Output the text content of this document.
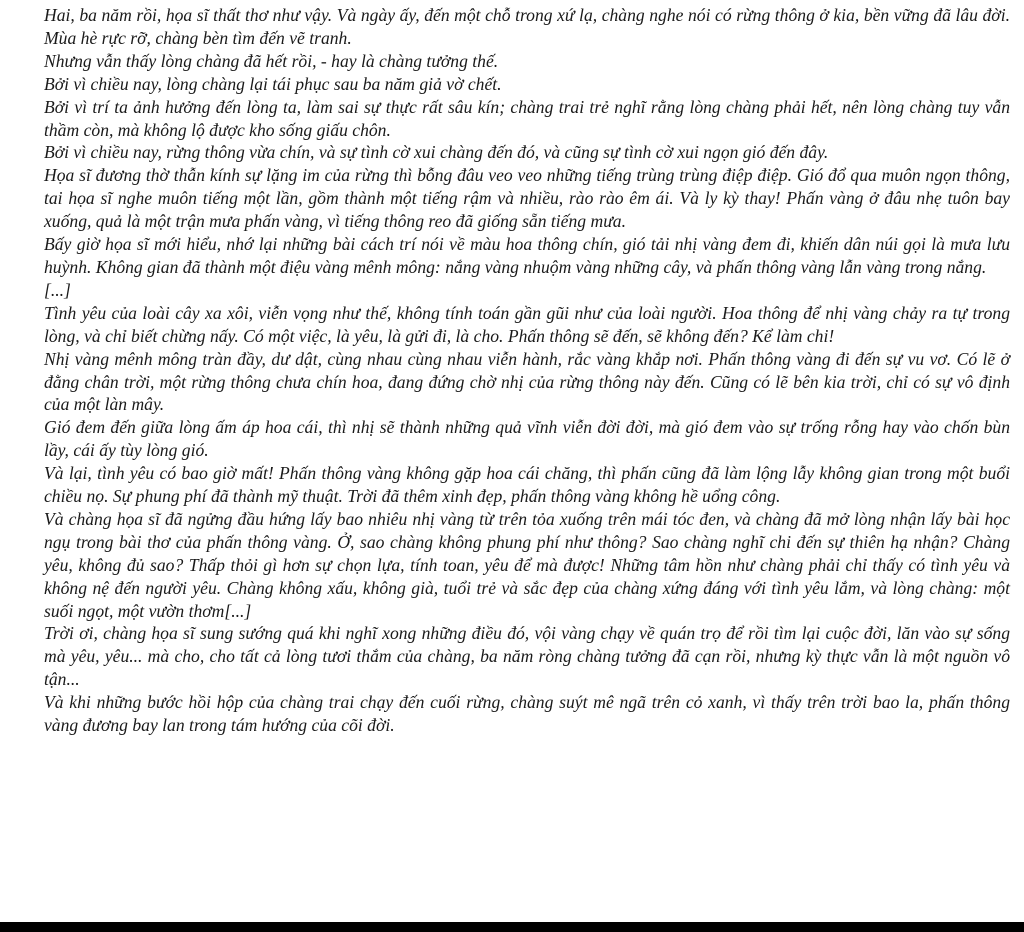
Hai, ba năm rồi, họa sĩ thất thơ như vậy. Và ngày ấy, đến một chỗ trong xứ lạ, chàng nghe nói có rừng thông ở kia, bền vững đã lâu đời. Mùa hè rực rỡ, chàng bèn tìm đến vẽ tranh.

Nhưng vẫn thấy lòng chàng đã hết rồi, - hay là chàng tưởng thế.

Bởi vì chiều nay, lòng chàng lại tái phục sau ba năm giả vờ chết.

Bởi vì trí ta ảnh hưởng đến lòng ta, làm sai sự thực rất sâu kín; chàng trai trẻ nghĩ rằng lòng chàng phải hết, nên lòng chàng tuy vẫn thầm còn, mà không lộ được kho sống giấu chôn.

Bởi vì chiều nay, rừng thông vừa chín, và sự tình cờ xui chàng đến đó, và cũng sự tình cờ xui ngọn gió đến đây.

Họa sĩ đương thờ thẫn kính sự lặng im của rừng thì bỗng đâu veo veo những tiếng trùng trùng điệp điệp. Gió đổ qua muôn ngọn thông, tai họa sĩ nghe muôn tiếng một lần, gồm thành một tiếng rậm và nhiều, rào rào êm ái. Và ly kỳ thay! Phấn vàng ở đâu nhẹ tuôn bay xuống, quả là một trận mưa phấn vàng, vì tiếng thông reo đã giống sẵn tiếng mưa.

Bấy giờ họa sĩ mới hiểu, nhớ lại những bài cách trí nói về màu hoa thông chín, gió tải nhị vàng đem đi, khiến dân núi gọi là mưa lưu huỳnh. Không gian đã thành một điệu vàng mênh mông: nắng vàng nhuộm vàng những cây, và phấn thông vàng lẫn vàng trong nắng.

[...]

Tình yêu của loài cây xa xôi, viễn vọng như thế, không tính toán gần gũi như của loài người. Hoa thông để nhị vàng chảy ra tự trong lòng, và chỉ biết chừng nấy. Có một việc, là yêu, là gửi đi, là cho. Phấn thông sẽ đến, sẽ không đến? Kể làm chi!

Nhị vàng mênh mông tràn đầy, dư dật, cùng nhau cùng nhau viễn hành, rắc vàng khắp nơi. Phấn thông vàng đi đến sự vu vơ. Có lẽ ở đằng chân trời, một rừng thông chưa chín hoa, đang đứng chờ nhị của rừng thông này đến. Cũng có lẽ bên kia trời, chỉ có sự vô định của một làn mây.

Gió đem đến giữa lòng ấm áp hoa cái, thì nhị sẽ thành những quả vĩnh viễn đời đời, mà gió đem vào sự trống rỗng hay vào chốn bùn lầy, cái ấy tùy lòng gió.

Và lại, tình yêu có bao giờ mất! Phấn thông vàng không gặp hoa cái chăng, thì phấn cũng đã làm lộng lẫy không gian trong một buổi chiều nọ. Sự phung phí đã thành mỹ thuật. Trời đã thêm xinh đẹp, phấn thông vàng không hề uổng công.

Và chàng họa sĩ đã ngửng đầu hứng lấy bao nhiêu nhị vàng từ trên tỏa xuống trên mái tóc đen, và chàng đã mở lòng nhận lấy bài học ngụ trong bài thơ của phấn thông vàng. Ở, sao chàng không phung phí như thông? Sao chàng nghĩ chi đến sự thiên hạ nhận? Chàng yêu, không đủ sao? Thấp thỏi gì hơn sự chọn lựa, tính toan, yêu để mà được! Những tâm hồn như chàng phải chỉ thấy có tình yêu và không nệ đến người yêu. Chàng không xấu, không già, tuổi trẻ và sắc đẹp của chàng xứng đáng với tình yêu lắm, và lòng chàng: một suối ngọt, một vườn thơm[...]

Trời ơi, chàng họa sĩ sung sướng quá khi nghĩ xong những điều đó, vội vàng chạy về quán trọ để rồi tìm lại cuộc đời, lăn vào sự sống mà yêu, yêu... mà cho, cho tất cả lòng tươi thắm của chàng, ba năm ròng chàng tưởng đã cạn rồi, nhưng kỳ thực vẫn là một nguồn vô tận...

Và khi những bước hồi hộp của chàng trai chạy đến cuối rừng, chàng suýt mê ngã trên cỏ xanh, vì thấy trên trời bao la, phấn thông vàng đương bay lan trong tám hướng của cõi đời.
